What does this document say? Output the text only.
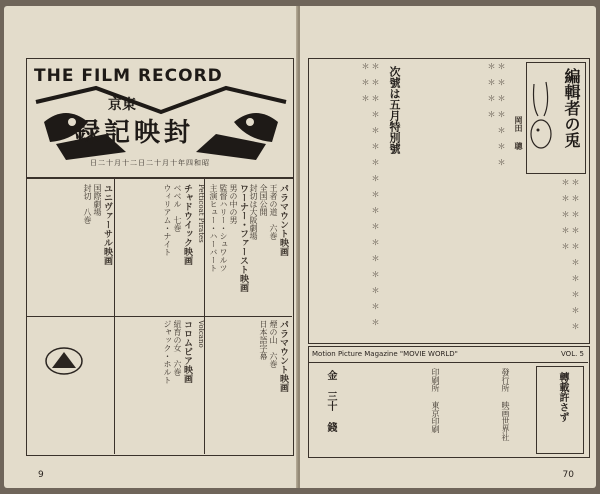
THE FILM RECORD
京東
録記映封
日二十月十二日二十月十年四和昭
パラマウント映画
王者の道　六巻
全国公開
封切は大阪劇場
ワーナー・ファースト映画
男の中の男
監督ハリー・シュワルツ
主演ヒュー・ハーバート
Petticoat Pirates
チャドウイック映画
ベベル　七巻
ウィリアム・ナイト
ユニヴァーサル映画
国際劇場
封切　八巻
パラマウント映画
煙の山　六巻
日本語字幕
Volcano
コロムビア映画
紐育の女　六巻
ジャック・ホルト
9
編輯者の兎
岡田 聰
＊　＊　＊　＊　＊　＊　＊　＊　＊　＊　＊　＊　＊　＊　＊　＊　＊　＊　＊　＊
＊　＊　＊　＊　＊　＊　＊　＊　＊　＊　＊　＊　＊　＊　＊
＊　＊　＊　＊　＊　＊　＊　＊　＊　＊　＊
次號は五月特別號
Motion Picture Magazine "MOVIE WORLD"	VOL. 5
轉載許さず
發行所 映画世界社
印刷所 東京印刷
金 三十 錢
70
